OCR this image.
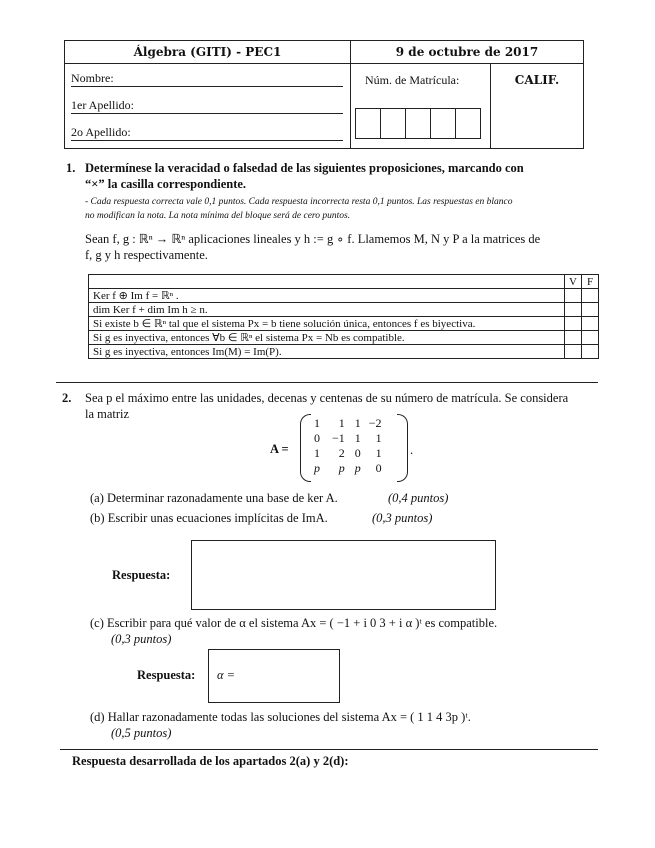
Álgebra (GITI) - PEC1	9 de octubre de 2017
Nombre:
1er Apellido:
2o Apellido:
Núm. de Matrícula:	CALIF.
1. Determínese la veracidad o falsedad de las siguientes proposiciones, marcando con
“×” la casilla correspondiente.
- Cada respuesta correcta vale 0,1 puntos. Cada respuesta incorrecta resta 0,1 puntos. Las respuestas en blanco
no modifican la nota. La nota mínima del bloque será de cero puntos.
Sean f, g : ℝⁿ → ℝⁿ aplicaciones lineales y h := g ∘ f. Llamemos M, N y P a la matrices de
f, g y h respectivamente.
	V	F
Ker f ⊕ Im f = ℝⁿ .		
dim Ker f + dim Im h ≥ n.		
Si existe b ∈ ℝⁿ tal que el sistema Px = b tiene solución única, entonces f es biyectiva.		
Si g es inyectiva, entonces ∀b ∈ ℝⁿ el sistema Px = Nb es compatible.		
Si g es inyectiva, entonces Im(M) = Im(P).		
2. Sea p el máximo entre las unidades, decenas y centenas de su número de matrícula. Se considera
la matriz
A =
1	1	1	−2
0	−1	1	1
1	2	0	1
p	p	p	0
.
(a) Determinar razonadamente una base de ker A.	(0,4 puntos)
(b) Escribir unas ecuaciones implícitas de ImA.	(0,3 puntos)
Respuesta:
(c) Escribir para qué valor de α el sistema Ax = ( −1 + i 0 3 + i α )ᵗ es compatible.
(0,3 puntos)
Respuesta: α =
(d) Hallar razonadamente todas las soluciones del sistema Ax = ( 1 1 4 3p )ᵗ.
(0,5 puntos)
Respuesta desarrollada de los apartados 2(a) y 2(d):
